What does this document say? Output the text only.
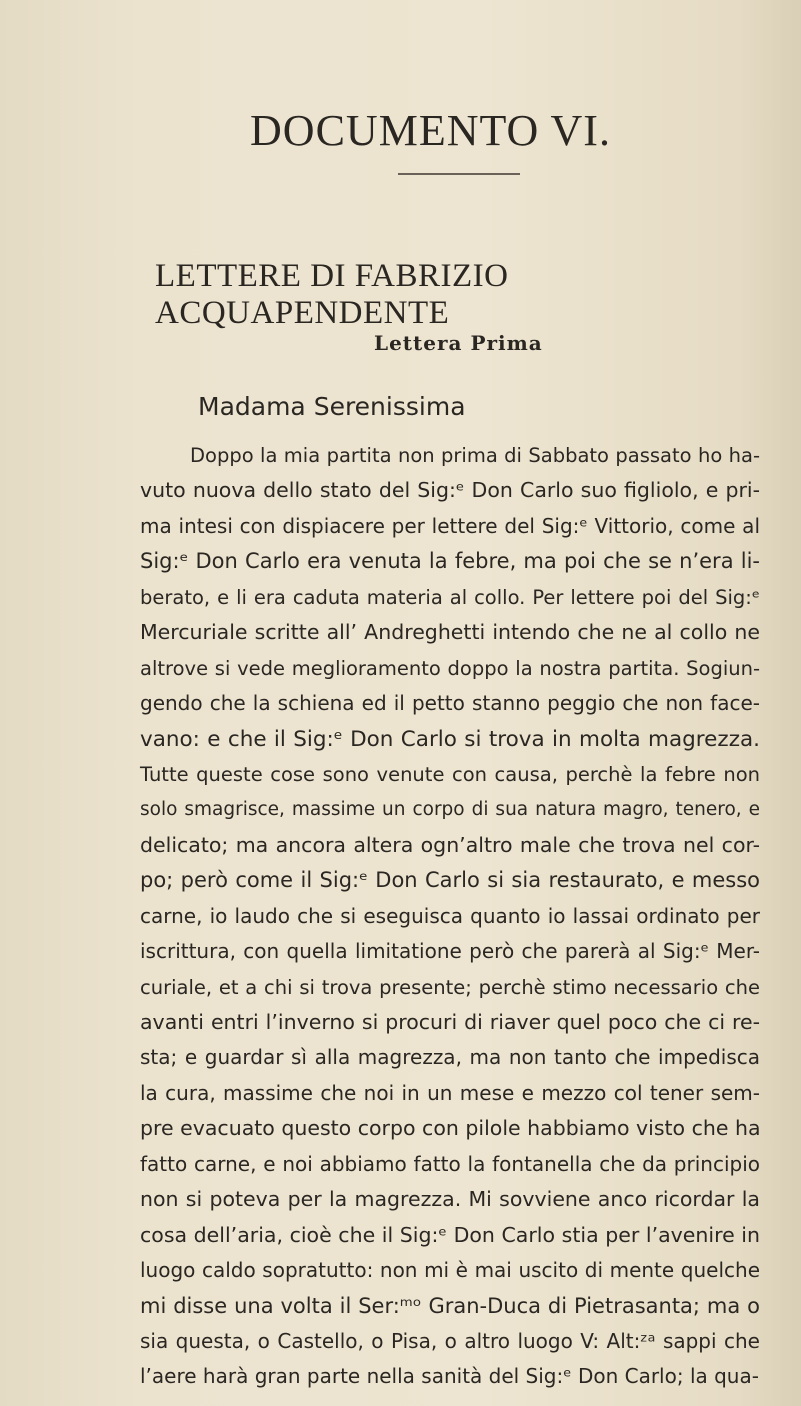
DOCUMENTO VI.
LETTERE DI FABRIZIO ACQUAPENDENTE
Lettera Prima
Madama Serenissima
Doppo la mia partita non prima di Sabbato passato ho ha-
vuto nuova dello stato del Sig:ᵉ Don Carlo suo figliolo, e pri-
ma intesi con dispiacere per lettere del Sig:ᵉ Vittorio, come al
Sig:ᵉ Don Carlo era venuta la febre, ma poi che se n’era li-
berato, e li era caduta materia al collo. Per lettere poi del Sig:ᵉ
Mercuriale scritte all’ Andreghetti intendo che ne al collo ne
altrove si vede meglioramento doppo la nostra partita. Sogiun-
gendo che la schiena ed il petto stanno peggio che non face-
vano: e che il Sig:ᵉ Don Carlo si trova in molta magrezza.
Tutte queste cose sono venute con causa, perchè la febre non
solo smagrisce, massime un corpo di sua natura magro, tenero, e
delicato; ma ancora altera ogn’altro male che trova nel cor-
po; però come il Sig:ᵉ Don Carlo si sia restaurato, e messo
carne, io laudo che si eseguisca quanto io lassai ordinato per
iscrittura, con quella limitatione però che parerà al Sig:ᵉ Mer-
curiale, et a chi si trova presente; perchè stimo necessario che
avanti entri l’inverno si procuri di riaver quel poco che ci re-
sta; e guardar sì alla magrezza, ma non tanto che impedisca
la cura, massime che noi in un mese e mezzo col tener sem-
pre evacuato questo corpo con pilole habbiamo visto che ha
fatto carne, e noi abbiamo fatto la fontanella che da principio
non si poteva per la magrezza. Mi sovviene anco ricordar la
cosa dell’aria, cioè che il Sig:ᵉ Don Carlo stia per l’avenire in
luogo caldo sopratutto: non mi è mai uscito di mente quelche
mi disse una volta il Ser:ᵐᵒ Gran-Duca di Pietrasanta; ma o
sia questa, o Castello, o Pisa, o altro luogo V: Alt:ᶻᵃ sappi che
l’aere harà gran parte nella sanità del Sig:ᵉ Don Carlo; la qua-
